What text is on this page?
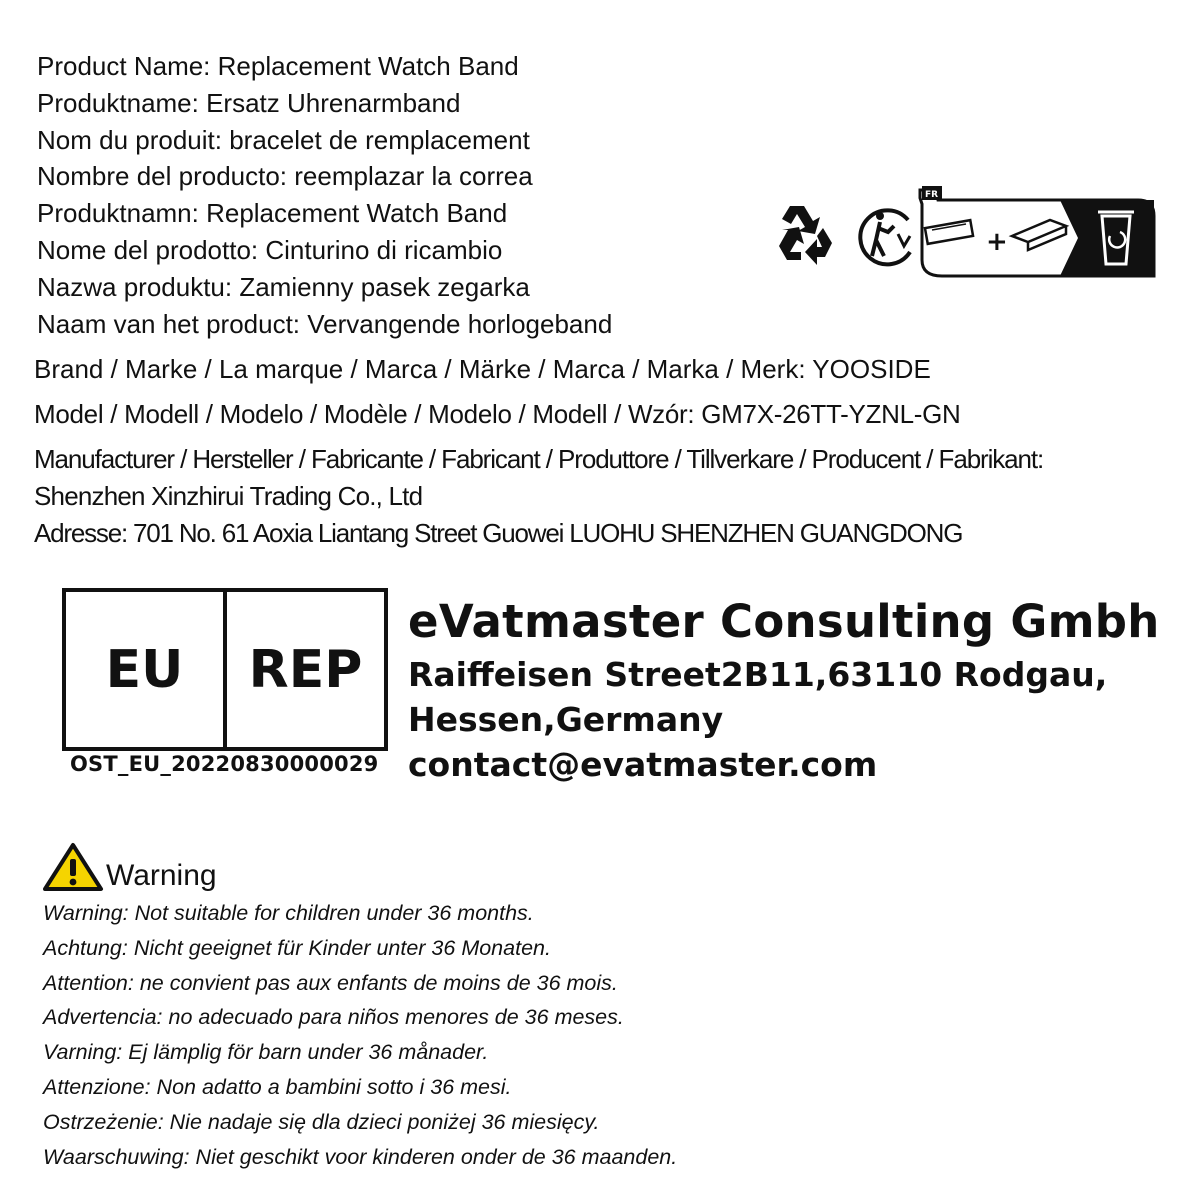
Product Name: Replacement Watch Band
Produktname: Ersatz Uhrenarmband
Nom du produit: bracelet de remplacement
Nombre del producto: reemplazar la correa
Produktnamn: Replacement Watch Band
Nome del prodotto: Cinturino di ricambio
Nazwa produktu: Zamienny pasek zegarka
Naam van het product: Vervangende horlogeband
FR
+
Brand / Marke / La marque / Marca / Märke / Marca / Marka / Merk: YOOSIDE
Model / Modell / Modelo / Modèle / Modelo / Modell / Wzór: GM7X-26TT-YZNL-GN
Manufacturer / Hersteller / Fabricante / Fabricant / Produttore / Tillverkare / Producent / Fabrikant:
Shenzhen Xinzhirui Trading Co., Ltd
Adresse: 701 No. 61 Aoxia Liantang Street Guowei LUOHU SHENZHEN GUANGDONG
EU	REP
OST_EU_20220830000029
eVatmaster Consulting Gmbh
Raiffeisen Street2B11,63110 Rodgau,
Hessen,Germany
contact@evatmaster.com
Warning
Warning: Not suitable for children under 36 months.
Achtung: Nicht geeignet für Kinder unter 36 Monaten.
Attention: ne convient pas aux enfants de moins de 36 mois.
Advertencia: no adecuado para niños menores de 36 meses.
Varning: Ej lämplig för barn under 36 månader.
Attenzione: Non adatto a bambini sotto i 36 mesi.
Ostrzeżenie: Nie nadaje się dla dzieci poniżej 36 miesięcy.
Waarschuwing: Niet geschikt voor kinderen onder de 36 maanden.
